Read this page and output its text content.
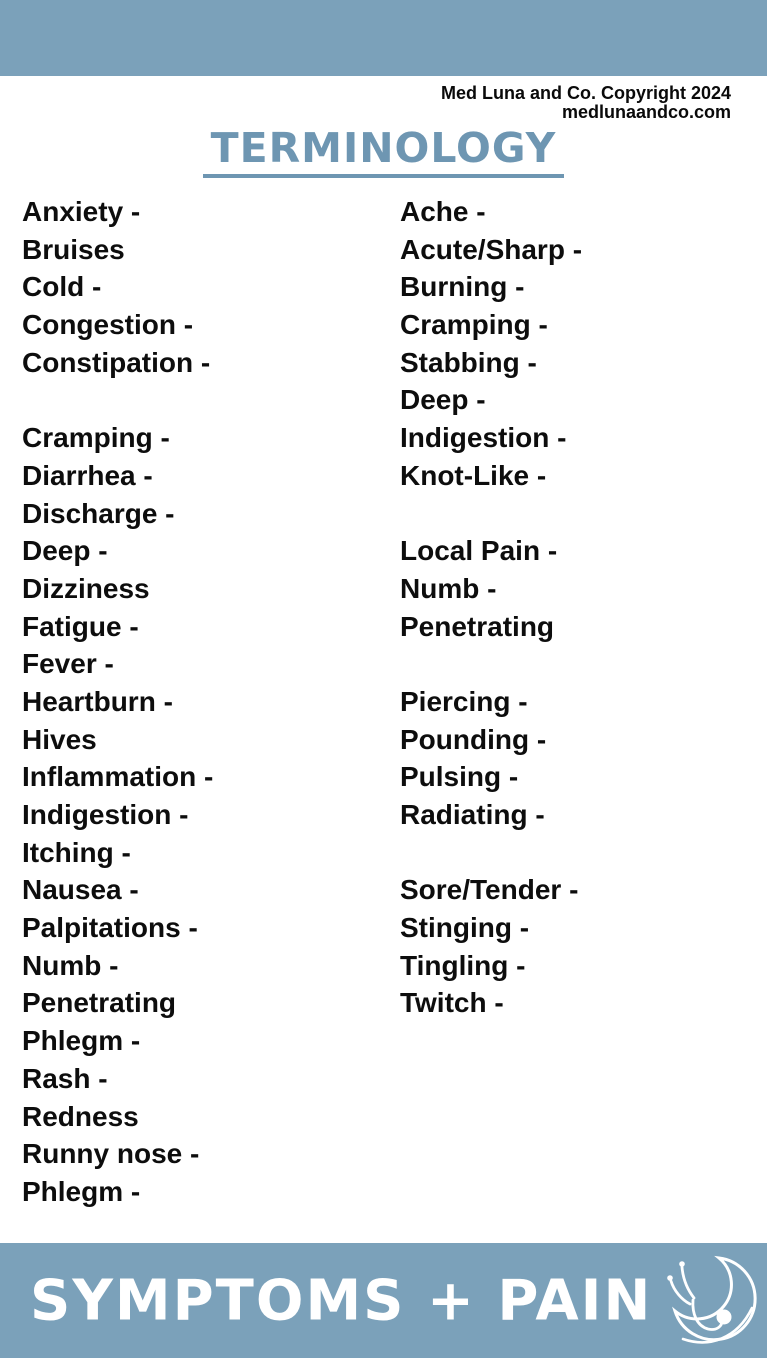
Med Luna and Co. Copyright 2024
medlunaandco.com
TERMINOLOGY
Anxiety -
Bruises
Cold -
Congestion -
Constipation -
Cramping -
Diarrhea -
Discharge -
Deep -
Dizziness
Fatigue -
Fever -
Heartburn -
Hives
Inflammation -
Indigestion -
Itching -
Nausea -
Palpitations -
Numb -
Penetrating
Phlegm -
Rash -
Redness
Runny nose -
Phlegm -
Ache -
Acute/Sharp -
Burning -
Cramping -
Stabbing -
Deep -
Indigestion -
Knot-Like -
Local Pain -
Numb -
Penetrating
Piercing -
Pounding -
Pulsing -
Radiating -
Sore/Tender -
Stinging -
Tingling -
Twitch -
SYMPTOMS + PAIN
